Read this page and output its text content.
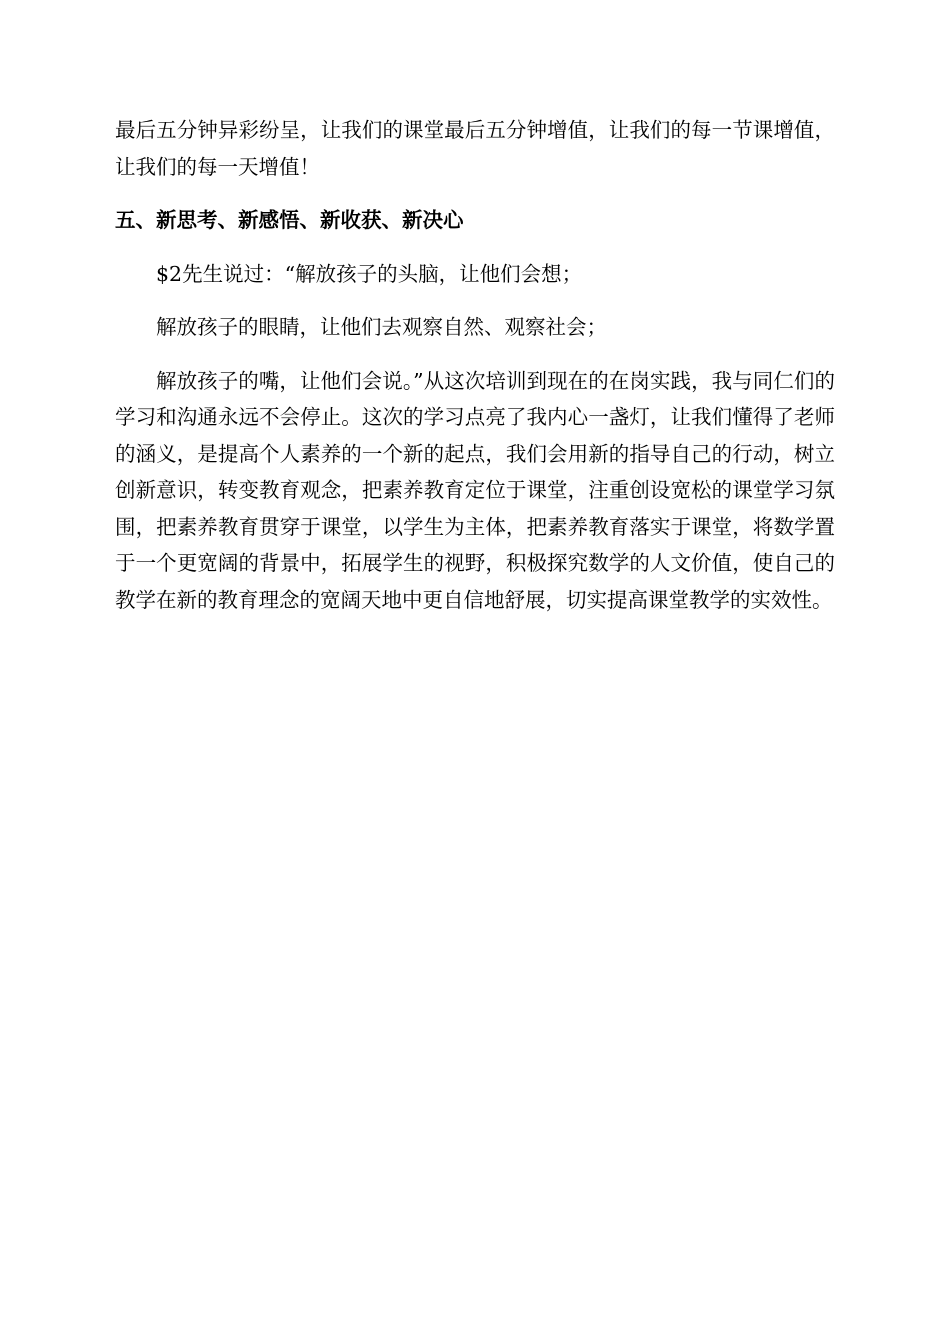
最后五分钟异彩纷呈，让我们的课堂最后五分钟增值，让我们的每一节课增值，让我们的每一天增值！

五、新思考、新感悟、新收获、新决心

$2先生说过：“解放孩子的头脑，让他们会想；

解放孩子的眼睛，让他们去观察自然、观察社会；

解放孩子的嘴，让他们会说。”从这次培训到现在的在岗实践，我与同仁们的学习和沟通永远不会停止。这次的学习点亮了我内心一盏灯，让我们懂得了老师的涵义，是提高个人素养的一个新的起点，我们会用新的指导自己的行动，树立创新意识，转变教育观念，把素养教育定位于课堂，注重创设宽松的课堂学习氛围，把素养教育贯穿于课堂，以学生为主体，把素养教育落实于课堂，将数学置于一个更宽阔的背景中，拓展学生的视野，积极探究数学的人文价值，使自己的教学在新的教育理念的宽阔天地中更自信地舒展，切实提高课堂教学的实效性。
